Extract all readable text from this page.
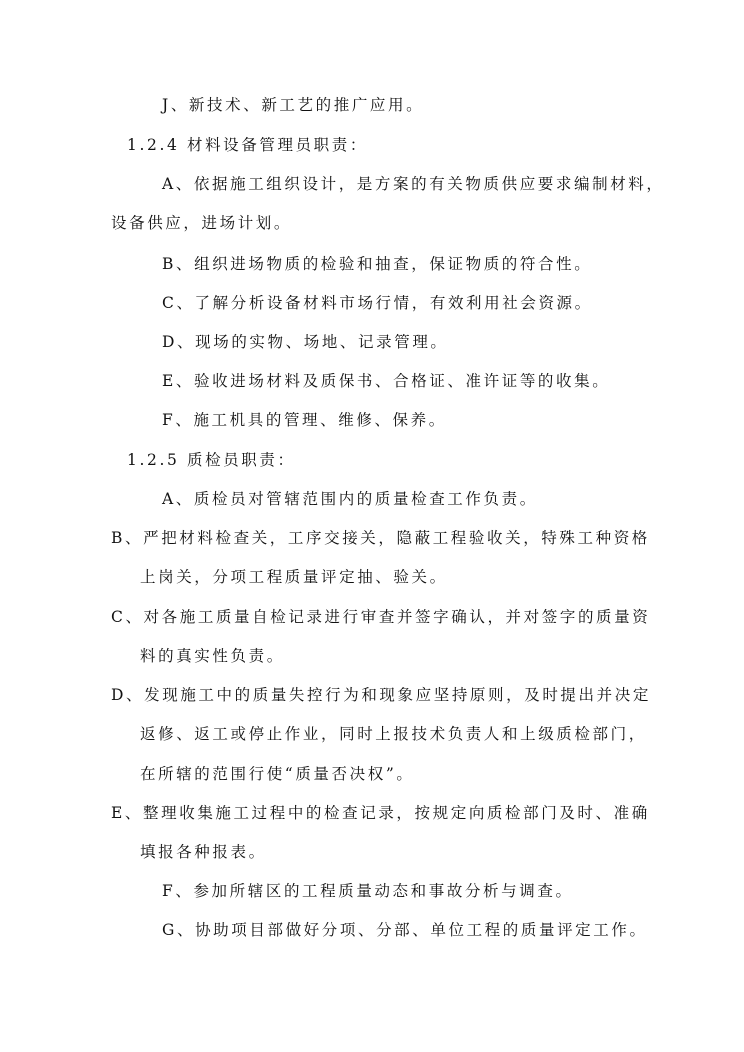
J、新技术、新工艺的推广应用。
1.2.4 材料设备管理员职责：
A、依据施工组织设计，是方案的有关物质供应要求编制材料，
设备供应，进场计划。
B、组织进场物质的检验和抽查，保证物质的符合性。
C、了解分析设备材料市场行情，有效利用社会资源。
D、现场的实物、场地、记录管理。
E、验收进场材料及质保书、合格证、准许证等的收集。
F、施工机具的管理、维修、保养。
1.2.5 质检员职责：
A、质检员对管辖范围内的质量检查工作负责。
B、严把材料检查关，工序交接关，隐蔽工程验收关，特殊工种资格
上岗关，分项工程质量评定抽、验关。
C、对各施工质量自检记录进行审查并签字确认，并对签字的质量资
料的真实性负责。
D、发现施工中的质量失控行为和现象应坚持原则，及时提出并决定
返修、返工或停止作业，同时上报技术负责人和上级质检部门，
在所辖的范围行使“质量否决权”。
E、整理收集施工过程中的检查记录，按规定向质检部门及时、准确
填报各种报表。
F、参加所辖区的工程质量动态和事故分析与调查。
G、协助项目部做好分项、分部、单位工程的质量评定工作。
